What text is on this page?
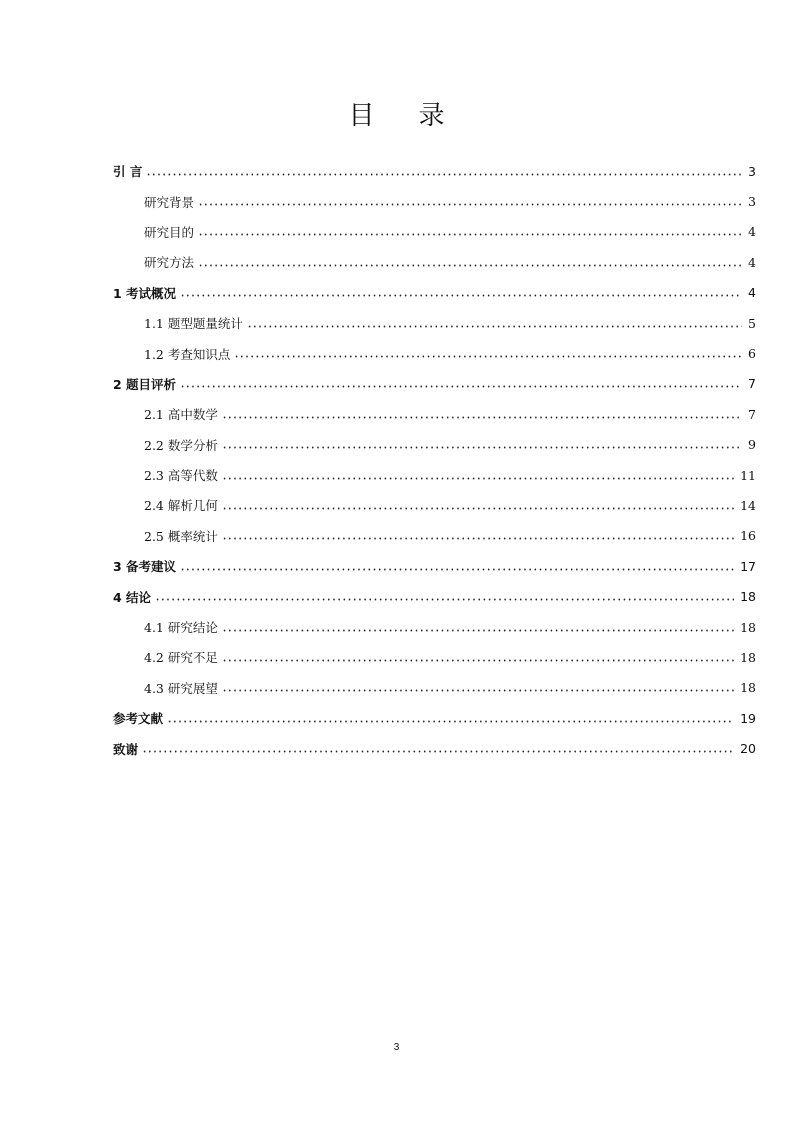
目 录
引 言	3
研究背景	3
研究目的	4
研究方法	4
1 考试概况	4
1.1 题型题量统计	5
1.2 考查知识点	6
2 题目评析	7
2.1 高中数学	7
2.2 数学分析	9
2.3 高等代数	11
2.4 解析几何	14
2.5 概率统计	16
3 备考建议	17
4 结论	18
4.1 研究结论	18
4.2 研究不足	18
4.3 研究展望	18
参考文献	19
致谢	20
3
